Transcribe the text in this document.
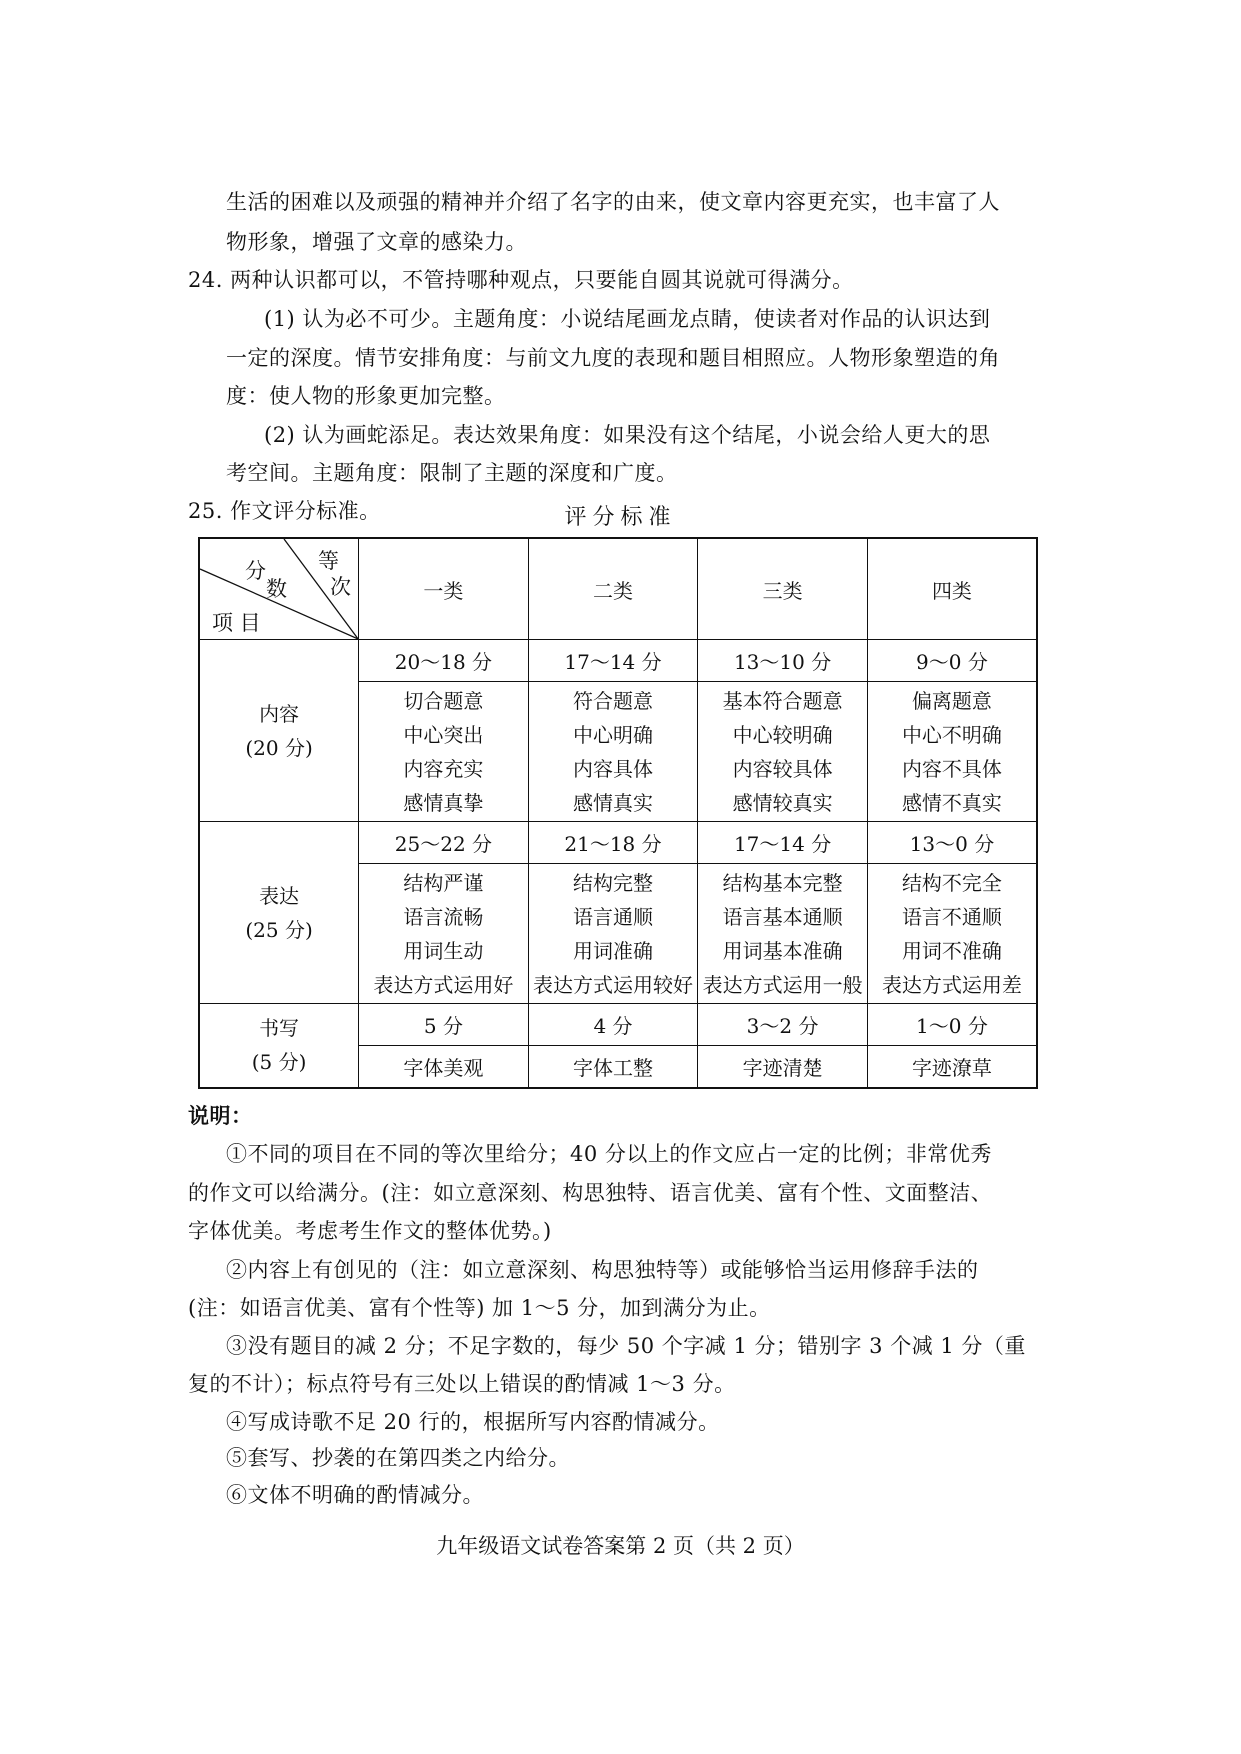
生活的困难以及顽强的精神并介绍了名字的由来，使文章内容更充实，也丰富了人
物形象，增强了文章的感染力。
24. 两种认识都可以，不管持哪种观点，只要能自圆其说就可得满分。
(1) 认为必不可少。主题角度：小说结尾画龙点睛，使读者对作品的认识达到
一定的深度。情节安排角度：与前文九度的表现和题目相照应。人物形象塑造的角
度：使人物的形象更加完整。
(2) 认为画蛇添足。表达效果角度：如果没有这个结尾，小说会给人更大的思
考空间。主题角度：限制了主题的深度和广度。
25. 作文评分标准。	评分标准
分
数
等
次
项 目	一类	二类	三类	四类

内容
(20 分)	20～18 分	17～14 分	13～10 分	9～0 分

	切合题意
中心突出
内容充实
感情真挚	符合题意
中心明确
内容具体
感情真实	基本符合题意
中心较明确
内容较具体
感情较真实	偏离题意
中心不明确
内容不具体
感情不真实

表达
(25 分)	25～22 分	21～18 分	17～14 分	13～0 分

	结构严谨
语言流畅
用词生动
表达方式运用好	结构完整
语言通顺
用词准确
表达方式运用较好	结构基本完整
语言基本通顺
用词基本准确
表达方式运用一般	结构不完全
语言不通顺
用词不准确
表达方式运用差

书写
(5 分)	5 分	4 分	3～2 分	1～0 分
	字体美观	字体工整	字迹清楚	字迹潦草
说明：
①不同的项目在不同的等次里给分；40 分以上的作文应占一定的比例；非常优秀
的作文可以给满分。(注：如立意深刻、构思独特、语言优美、富有个性、文面整洁、
字体优美。考虑考生作文的整体优势。)
②内容上有创见的（注：如立意深刻、构思独特等）或能够恰当运用修辞手法的
(注：如语言优美、富有个性等) 加 1～5 分，加到满分为止。
③没有题目的减 2 分；不足字数的，每少 50 个字减 1 分；错别字 3 个减 1 分（重
复的不计）；标点符号有三处以上错误的酌情减 1～3 分。
④写成诗歌不足 20 行的，根据所写内容酌情减分。
⑤套写、抄袭的在第四类之内给分。
⑥文体不明确的酌情减分。
九年级语文试卷答案第 2 页（共 2 页）
